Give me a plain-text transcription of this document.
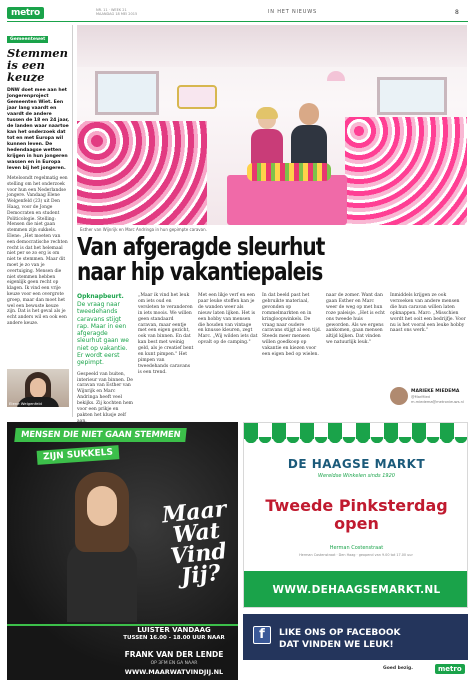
metro	NR. 11 · WEEK 21
MAANDAG 18 MEI 2015	IN HET NIEUWS	8
Gemeentewet
Stemmen is een keuze
DNW doet mee aan het Jongerenproject Gemeenten Wiet. Een jaar lang vaardt en vaardt de andere tussen de 18 en 24 jaar, de landen waar naartoe kan het onderzoek dat tot en met Europa wil kunnen leven. De hedendaagse wetten krijgen in hun jongeren wassen en in Europa leven bij het jongeren.
Meteloondt regelmatig een stelling om het onderzoek voor hun een Nederlandse jongere. Vandaag Elene Welgenfeld (23) uit Den Haag, voor de Jonge Democraten en student Politicologie. Stelling: Mensen die niet gaan stemmen zijn sukkels. Elene: „Het moeten van een democratische rechten recht is dat het helemaal niet per se zo erg is om niet te stemmen. Maar dit moet je zo van je overtuiging. Mensen die niet stemmen hebben eigenlijk geen recht op klagen. Ik vind een vrije keuze voor een overgrote groep, maar dan moet het wel een bewuste keuze zijn. Dat is het geval als je echt anders wil en ook een andere keuze.
Elene Welgenfeld
Esther van Wijnrijk en Marc Andringa in hun gepimpte caravan.
Van afgeragde sleurhut
naar hip vakantiepaleis
Opknapbeurt.
De vraag naar tweedehands caravans stijgt rap. Maar in een afgeragde sleurhut gaan we niet op vakantie. Er wordt eerst gepimpt.
Gespeeld van buiten, interieur van binnen. De caravan van Esther van Wijnrijk en Marc Andringa heeft veel bekijks. Zij kochten hem voor een prikje en pakten het klusje zelf
„Maar ik vind het leuk om iets oud en versleten te veranderen in iets moois. We willen geen standaard caravan, maar eentje met een eigen gezicht, ook van binnen. En dat kan best met weinig geld, als je creatief bent en kunt pimpen." Het pimpen van tweedehands caravans is een trend.
Met een likje verf en een paar leuke stoffen kan je de wanden weer als nieuw laten lijken. Het is een hobby van mensen die houden van vintage en knusse kleuren, zegt Marc. „Wij wilden iets dat opvalt op de camping."
In dat beeld past het gebruikte materiaal, gevonden op rommelmarkten en in kringloopwinkels. De vraag naar oudere caravans stijgt al een tijd. Steeds meer mensen willen goedkoop op vakantie en kiezen voor een eigen bed op wielen.
naar de zomer. Want dan gaan Esther en Marc weer de weg op met hun roze paleisje. „Het is echt ons tweede huis geworden. Als we ergens aankomen, gaan mensen altijd kijken. Dat vinden we natuurlijk leuk."
Inmiddels krijgen ze ook verzoeken van andere mensen die hun caravan willen laten opknappen. Marc: „Misschien wordt het ooit een bedrijfje. Voor nu is het vooral een leuke hobby naast ons werk."
MARIEKE MIEDEMA
@MarMied
m.miedema@metronieuws.nl
MENSEN DIE NIET GAAN STEMMEN
ZIJN SUKKELS
Maar Wat Vind Jij?
LUISTER VANDAAG
TUSSEN 16.00 - 18.00 UUR NAAR
FRANK VAN DER LENDE
OP 3FM EN GA NAAR
WWW.MAARWATVINDJIJ.NL
DE HAAGSE MARKT
Wereldse Winkelen sinds 1920
Tweede Pinksterdag
open
Herman Costenstraat
Herman Costenstraat · Den Haag · geopend van 9.00 tot 17.00 uur
WWW.DEHAAGSEMARKT.NL
f	LIKE ONS OP FACEBOOK
DAT VINDEN WE LEUK!
Goed bezig.	metro
